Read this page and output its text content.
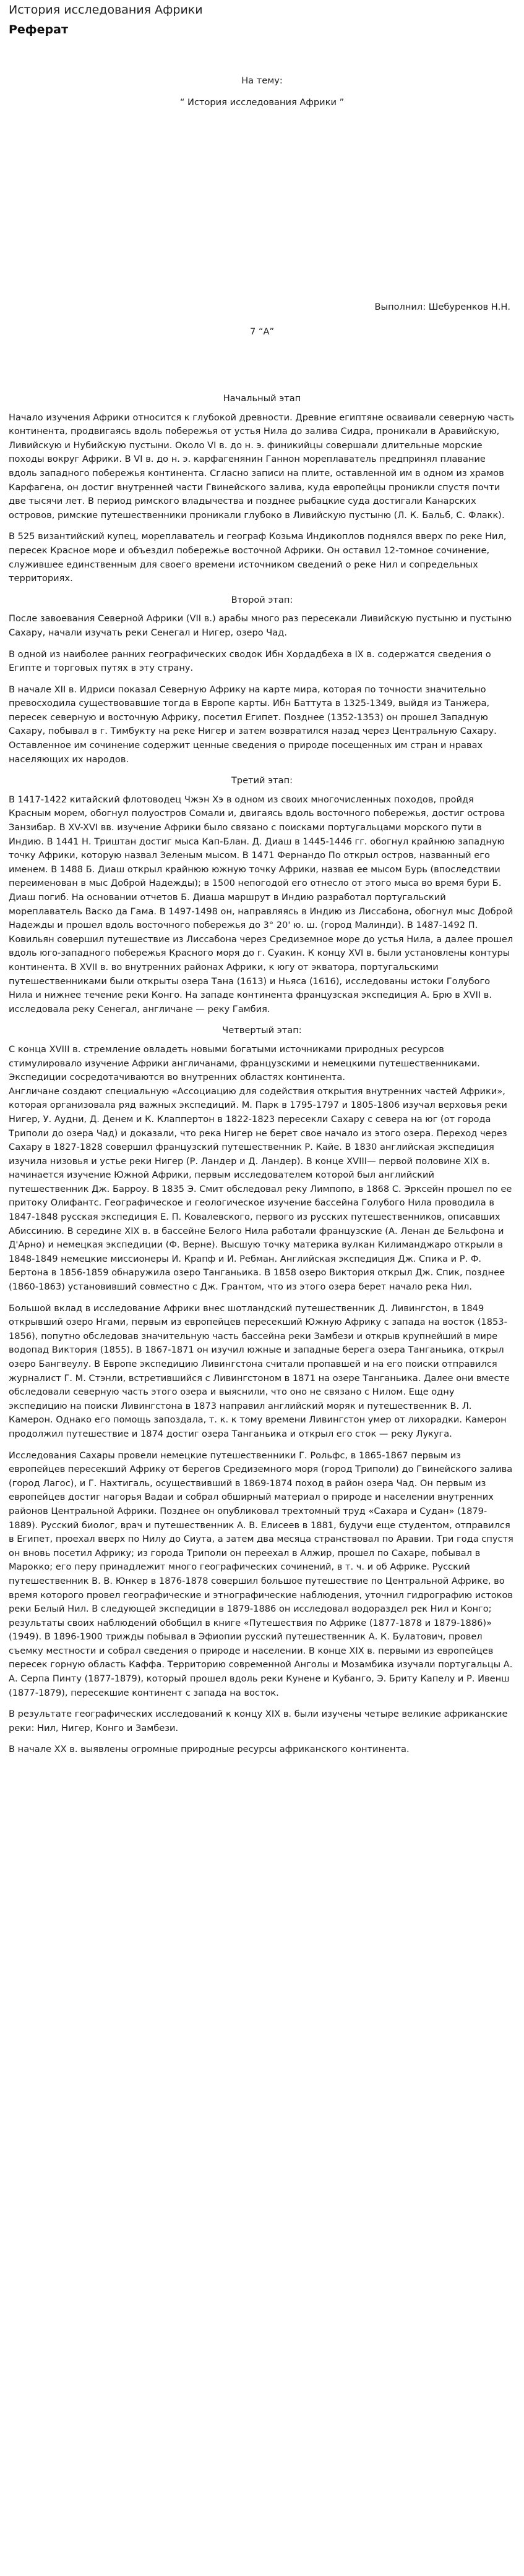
История исследования Африки
Реферат
На тему:
“ История исследования Африки ”
Выполнил: Шебуренков Н.Н.
7 “А”
Начальный этап

Начало изучения Африки относится к глубокой древности. Древние египтяне осваивали северную часть континента, продвигаясь вдоль побережья от устья Нила до залива Сидра, проникали в Аравийскую, Ливийскую и Нубийскую пустыни. Около VI в. до н. э. финикийцы совершали длительные морские походы вокруг Африки. В VI в. до н. э. карфагенянин Ганнон мореплаватель предпринял плавание вдоль западного побережья континента. Сгласно записи на плите, оставленной им в одном из храмов Карфагена, он достиг внутренней части Гвинейского залива, куда европейцы проникли спустя почти две тысячи лет. В период римского владычества и позднее рыбацкие суда достигали Канарских островов, римские путешественники проникали глубоко в Ливийскую пустыню (Л. К. Бальб, С. Флакк).

В 525 византийский купец, мореплаватель и географ Козьма Индикоплов поднялся вверх по реке Нил, пересек Красное море и объездил побережье восточной Африки. Он оставил 12-томное сочинение, служившее единственным для своего времени источником сведений о реке Нил и сопредельных территориях.

Второй этап:

После завоевания Северной Африки (VII в.) арабы много раз пересекали Ливийскую пустыню и пустыню Сахару, начали изучать реки Сенегал и Нигер, озеро Чад.

В одной из наиболее ранних географических сводок Ибн Хордадбеха в IX в. содержатся сведения о Египте и торговых путях в эту страну.

В начале XII в. Идриси показал Северную Африку на карте мира, которая по точности значительно превосходила существовавшие тогда в Европе карты. Ибн Баттута в 1325-1349, выйдя из Танжера, пересек северную и восточную Африку, посетил Египет. Позднее (1352-1353) он прошел Западную Сахару, побывал в г. Тимбукту на реке Нигер и затем возвратился назад через Центральную Сахару. Оставленное им сочинение содержит ценные сведения о природе посещенных им стран и нравах населяющих их народов.

Третий этап:

В 1417-1422 китайский флотоводец Чжэн Хэ в одном из своих многочисленных походов, пройдя Красным морем, обогнул полуостров Сомали и, двигаясь вдоль восточного побережья, достиг острова Занзибар. В XV-XVI вв. изучение Африки было связано с поисками португальцами морского пути в Индию. В 1441 Н. Триштан достиг мыса Кап-Блан. Д. Диаш в 1445-1446 гг. обогнул крайнюю западную точку Африки, которую назвал Зеленым мысом. В 1471 Фернандо По открыл остров, названный его именем. В 1488 Б. Диаш открыл крайнюю южную точку Африки, назвав ее мысом Бурь (впоследствии переименован в мыс Доброй Надежды); в 1500 непогодой его отнесло от этого мыса во время бури Б. Диаш погиб. На основании отчетов Б. Диаша маршрут в Индию разработал португальский мореплаватель Васко да Гама. В 1497-1498 он, направляясь в Индию из Лиссабона, обогнул мыс Доброй Надежды и прошел вдоль восточного побережья до 3° 20' ю. ш. (город Малинди). В 1487-1492 П. Ковильян совершил путешествие из Лиссабона через Средиземное море до устья Нила, а далее прошел вдоль юго-западного побережья Красного моря до г. Суакин. К концу XVI в. были установлены контуры континента. В XVII в. во внутренних районах Африки, к югу от экватора, португальскими путешественниками были открыты озера Тана (1613) и Ньяса (1616), исследованы истоки Голубого Нила и нижнее течение реки Конго. На западе континента французская экспедиция А. Брю в XVII в. исследовала реку Сенегал, англичане — реку Гамбия.

Четвертый этап:

С конца XVIII в. стремление овладеть новыми богатыми источниками природных ресурсов стимулировало изучение Африки англичанами, французскими и немецкими путешественниками.

Экспедиции сосредотачиваются во внутренних областях континента.

Англичане создают специальную «Ассоциацию для содействия открытия внутренних частей Африки», которая организовала ряд важных экспедиций. М. Парк в 1795-1797 и 1805-1806 изучал верховья реки Нигер, У. Аудни, Д. Денем и К. Клаппертон в 1822-1823 пересекли Сахару с севера на юг (от города Триполи до озера Чад) и доказали, что река Нигер не берет свое начало из этого озера. Переход через Сахару в 1827-1828 совершил французский путешественник Р. Кайе. В 1830 английская экспедиция изучила низовья и устье реки Нигер (Р. Ландер и Д. Ландер). В конце XVIII— первой половине XIX в. начинается изучение Южной Африки, первым исследователем которой был английский путешественник Дж. Барроу. В 1835 Э. Смит обследовал реку Лимпопо, в 1868 С. Эрксейн прошел по ее притоку Олифантс. Географическое и геологическое изучение бассейна Голубого Нила проводила в 1847-1848 русская экспедиция Е. П. Ковалевского, первого из русских путешественников, описавших Абиссинию. В середине XIX в. в бассейне Белого Нила работали французские (А. Ленан де Бельфона и Д'Арно) и немецкая экспедиции (Ф. Верне). Высшую точку материка вулкан Килиманджаро открыли в 1848-1849 немецкие миссионеры И. Крапф и И. Ребман. Английская экспедиция Дж. Спика и Р. Ф. Бертона в 1856-1859 обнаружила озеро Танганьика. В 1858 озеро Виктория открыл Дж. Спик, позднее (1860-1863) установивший совместно с Дж. Грантом, что из этого озера берет начало река Нил.

Большой вклад в исследование Африки внес шотландский путешественник Д. Ливингстон, в 1849 открывший озеро Нгами, первым из европейцев пересекший Южную Африку с запада на восток (1853-1856), попутно обследовав значительную часть бассейна реки Замбези и открыв крупнейший в мире водопад Виктория (1855). В 1867-1871 он изучил южные и западные берега озера Танганьика, открыл озеро Бангвеулу. В Европе экспедицию Ливингстона считали пропавшей и на его поиски отправился журналист Г. М. Стэнли, встретившийся с Ливингстоном в 1871 на озере Танганьика. Далее они вместе обследовали северную часть этого озера и выяснили, что оно не связано с Нилом. Еще одну экспедицию на поиски Ливингстона в 1873 направил английский моряк и путешественник В. Л. Камерон. Однако его помощь запоздала, т. к. к тому времени Ливингстон умер от лихорадки. Камерон продолжил путешествие и 1874 достиг озера Танганьика и открыл его сток — реку Лукуга.

Исследования Сахары провели немецкие путешественники Г. Рольфс, в 1865-1867 первым из европейцев пересекший Африку от берегов Средиземного моря (город Триполи) до Гвинейского залива (город Лагос), и Г. Нахтигаль, осуществивший в 1869-1874 поход в район озера Чад. Он первым из европейцев достиг нагорья Вадаи и собрал обширный материал о природе и населении внутренних районов Центральной Африки. Позднее он опубликовал трехтомный труд «Сахара и Судан» (1879-1889). Русский биолог, врач и путешественник А. В. Елисеев в 1881, будучи еще студентом, отправился в Египет, проехал вверх по Нилу до Сиута, а затем два месяца странствовал по Аравии. Три года спустя он вновь посетил Африку; из города Триполи он переехал в Алжир, прошел по Сахаре, побывал в Марокко; его перу принадлежит много географических сочинений, в т. ч. и об Африке. Русский путешественник В. В. Юнкер в 1876-1878 совершил большое путешествие по Центральной Африке, во время которого провел географические и этнографические наблюдения, уточнил гидрографию истоков реки Белый Нил. В следующей экспедиции в 1879-1886 он исследовал водораздел рек Нил и Конго; результаты своих наблюдений обобщил в книге «Путешествия по Африке (1877-1878 и 1879-1886)» (1949). В 1896-1900 трижды побывал в Эфиопии русский путешественник А. К. Булатович, провел съемку местности и собрал сведения о природе и населении. В конце XIX в. первыми из европейцев пересек горную область Каффа. Территорию современной Анголы и Мозамбика изучали португальцы А. А. Серпа Пинту (1877-1879), который прошел вдоль реки Кунене и Кубанго, Э. Бриту Капелу и Р. Ивенш (1877-1879), пересекшие континент с запада на восток.

В результате географических исследований к концу XIX в. были изучены четыре великие африканские реки: Нил, Нигер, Конго и Замбези.

В начале ХХ в. выявлены огромные природные ресурсы африканского континента.
